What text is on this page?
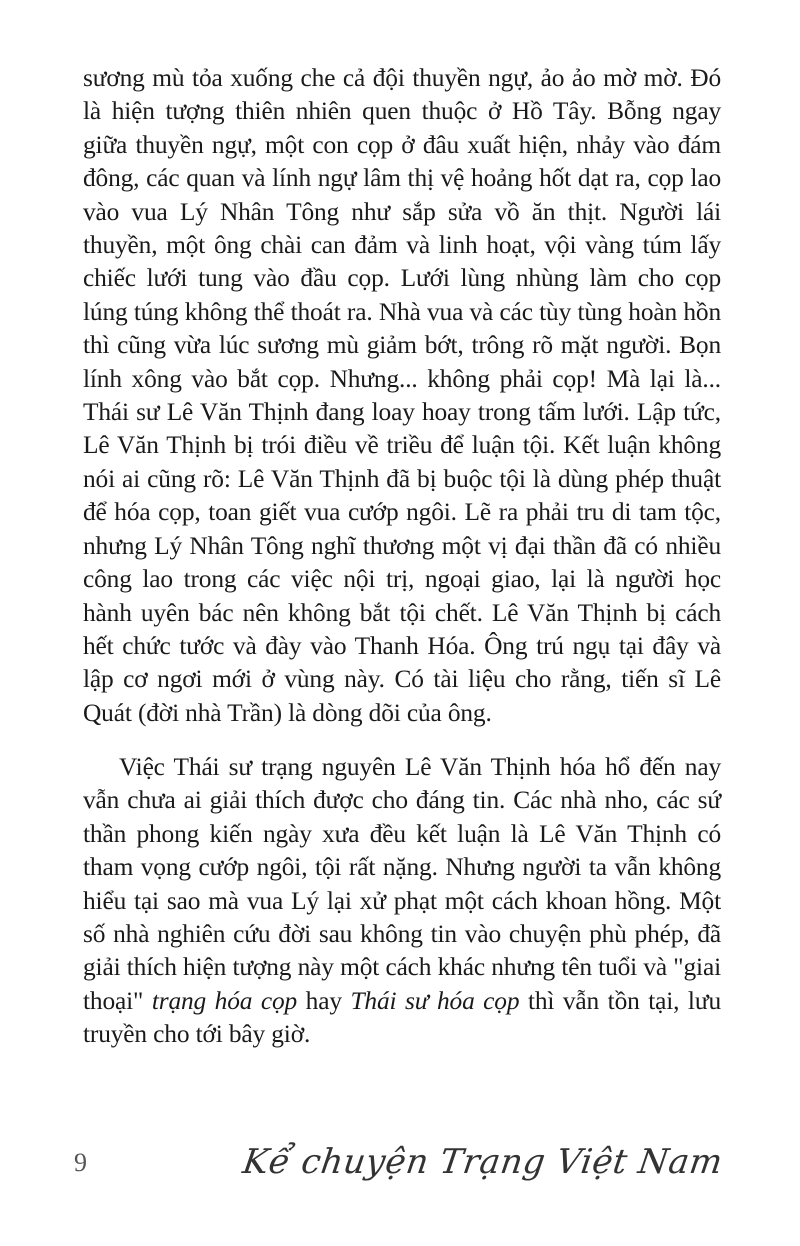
sương mù tỏa xuống che cả đội thuyền ngự, ảo ảo mờ mờ. Đó là hiện tượng thiên nhiên quen thuộc ở Hồ Tây. Bỗng ngay giữa thuyền ngự, một con cọp ở đâu xuất hiện, nhảy vào đám đông, các quan và lính ngự lâm thị vệ hoảng hốt dạt ra, cọp lao vào vua Lý Nhân Tông như sắp sửa vồ ăn thịt. Người lái thuyền, một ông chài can đảm và linh hoạt, vội vàng túm lấy chiếc lưới tung vào đầu cọp. Lưới lùng nhùng làm cho cọp lúng túng không thể thoát ra. Nhà vua và các tùy tùng hoàn hồn thì cũng vừa lúc sương mù giảm bớt, trông rõ mặt người. Bọn lính xông vào bắt cọp. Nhưng... không phải cọp! Mà lại là... Thái sư Lê Văn Thịnh đang loay hoay trong tấm lưới. Lập tức, Lê Văn Thịnh bị trói điều về triều để luận tội. Kết luận không nói ai cũng rõ: Lê Văn Thịnh đã bị buộc tội là dùng phép thuật để hóa cọp, toan giết vua cướp ngôi. Lẽ ra phải tru di tam tộc, nhưng Lý Nhân Tông nghĩ thương một vị đại thần đã có nhiều công lao trong các việc nội trị, ngoại giao, lại là người học hành uyên bác nên không bắt tội chết. Lê Văn Thịnh bị cách hết chức tước và đày vào Thanh Hóa. Ông trú ngụ tại đây và lập cơ ngơi mới ở vùng này. Có tài liệu cho rằng, tiến sĩ Lê Quát (đời nhà Trần) là dòng dõi của ông.

Việc Thái sư trạng nguyên Lê Văn Thịnh hóa hổ đến nay vẫn chưa ai giải thích được cho đáng tin. Các nhà nho, các sứ thần phong kiến ngày xưa đều kết luận là Lê Văn Thịnh có tham vọng cướp ngôi, tội rất nặng. Nhưng người ta vẫn không hiểu tại sao mà vua Lý lại xử phạt một cách khoan hồng. Một số nhà nghiên cứu đời sau không tin vào chuyện phù phép, đã giải thích hiện tượng này một cách khác nhưng tên tuổi và "giai thoại" trạng hóa cọp hay Thái sư hóa cọp thì vẫn tồn tại, lưu truyền cho tới bây giờ.

9	Kể chuyện Trạng Việt Nam
